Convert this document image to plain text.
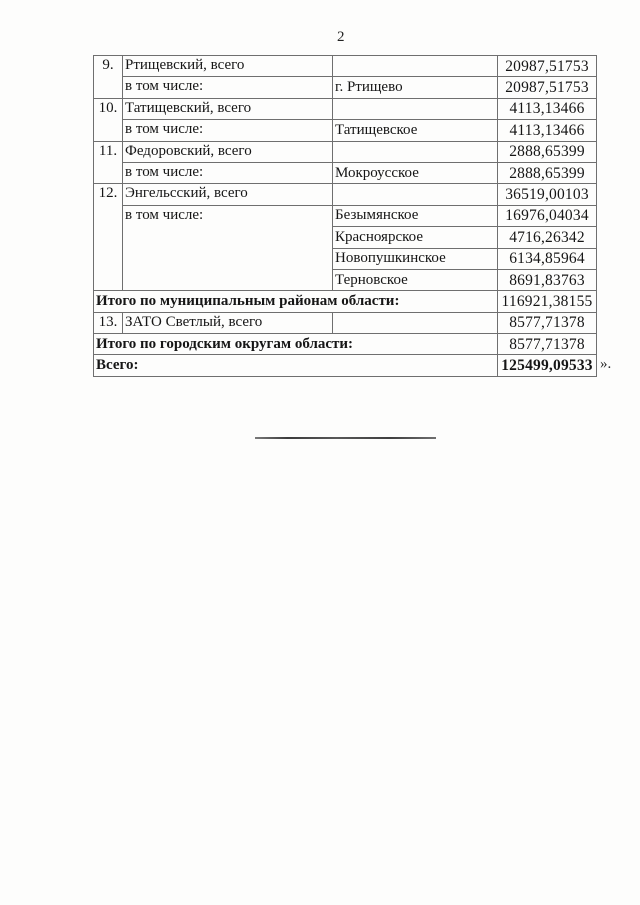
2
9.	Ртищевский, всего		20987,51753
	в том числе:	г. Ртищево	20987,51753
10.	Татищевский, всего		4113,13466
	в том числе:	Татищевское	4113,13466
11.	Федоровский, всего		2888,65399
	в том числе:	Мокроусское	2888,65399
12.	Энгельсский, всего		36519,00103
	в том числе:	Безымянское	16976,04034
		Красноярское	4716,26342
		Новопушкинское	6134,85964
		Терновское	8691,83763
Итого по муниципальным районам области:			116921,38155
13.	ЗАТО Светлый, всего		8577,71378
Итого по городским округам области:			8577,71378
Всего:			125499,09533 ».
